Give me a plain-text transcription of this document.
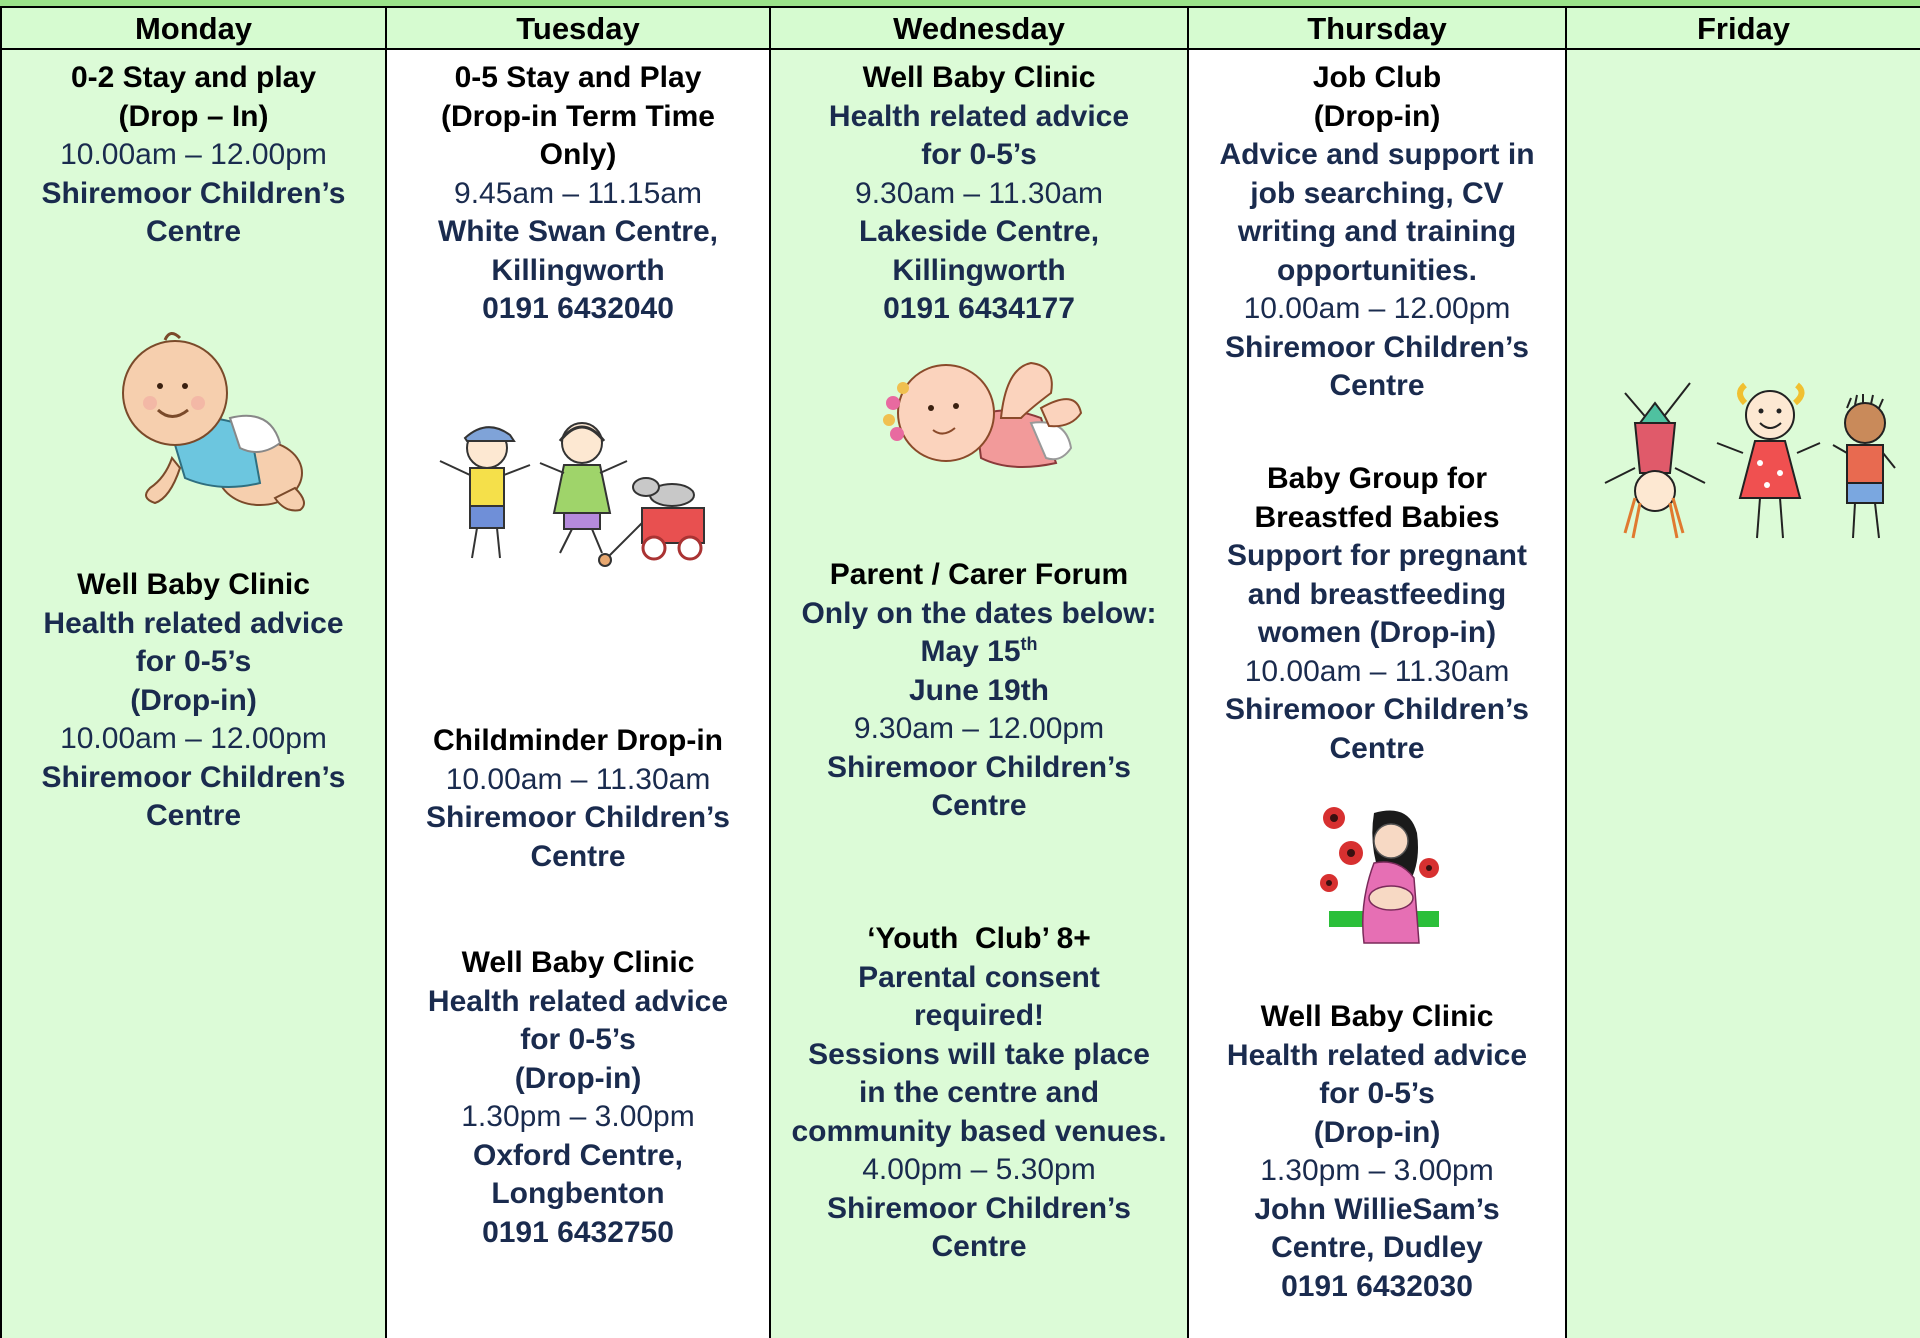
Monday
0-2 Stay and play
(Drop – In)
10.00am – 12.00pm
Shiremoor Children’s
Centre
Well Baby Clinic
Health related advice
for 0-5’s
(Drop-in)
10.00am – 12.00pm
Shiremoor Children’s
Centre
Tuesday
0-5 Stay and Play
(Drop-in Term Time
Only)
9.45am – 11.15am
White Swan Centre,
Killingworth
0191 6432040
Childminder Drop-in
10.00am – 11.30am
Shiremoor Children’s
Centre
Well Baby Clinic
Health related advice
for 0-5’s
(Drop-in)
1.30pm – 3.00pm
Oxford Centre,
Longbenton
0191 6432750
Wednesday
Well Baby Clinic
Health related advice
for 0-5’s
9.30am – 11.30am
Lakeside Centre,
Killingworth
0191 6434177
Parent / Carer Forum
Only on the dates below:
May 15th
June 19th
9.30am – 12.00pm
Shiremoor Children’s
Centre
‘Youth  Club’ 8+
Parental consent
required!
Sessions will take place
in the centre and
community based venues.
4.00pm – 5.30pm
Shiremoor Children’s
Centre
Thursday
Job Club
(Drop-in)
Advice and support in
job searching, CV
writing and training
opportunities.
10.00am – 12.00pm
Shiremoor Children’s
Centre
Baby Group for
Breastfed Babies
Support for pregnant
and breastfeeding
women (Drop-in)
10.00am – 11.30am
Shiremoor Children’s
Centre
Well Baby Clinic
Health related advice
for 0-5’s
(Drop-in)
1.30pm – 3.00pm
John WillieSam’s
Centre, Dudley
0191 6432030
Friday
